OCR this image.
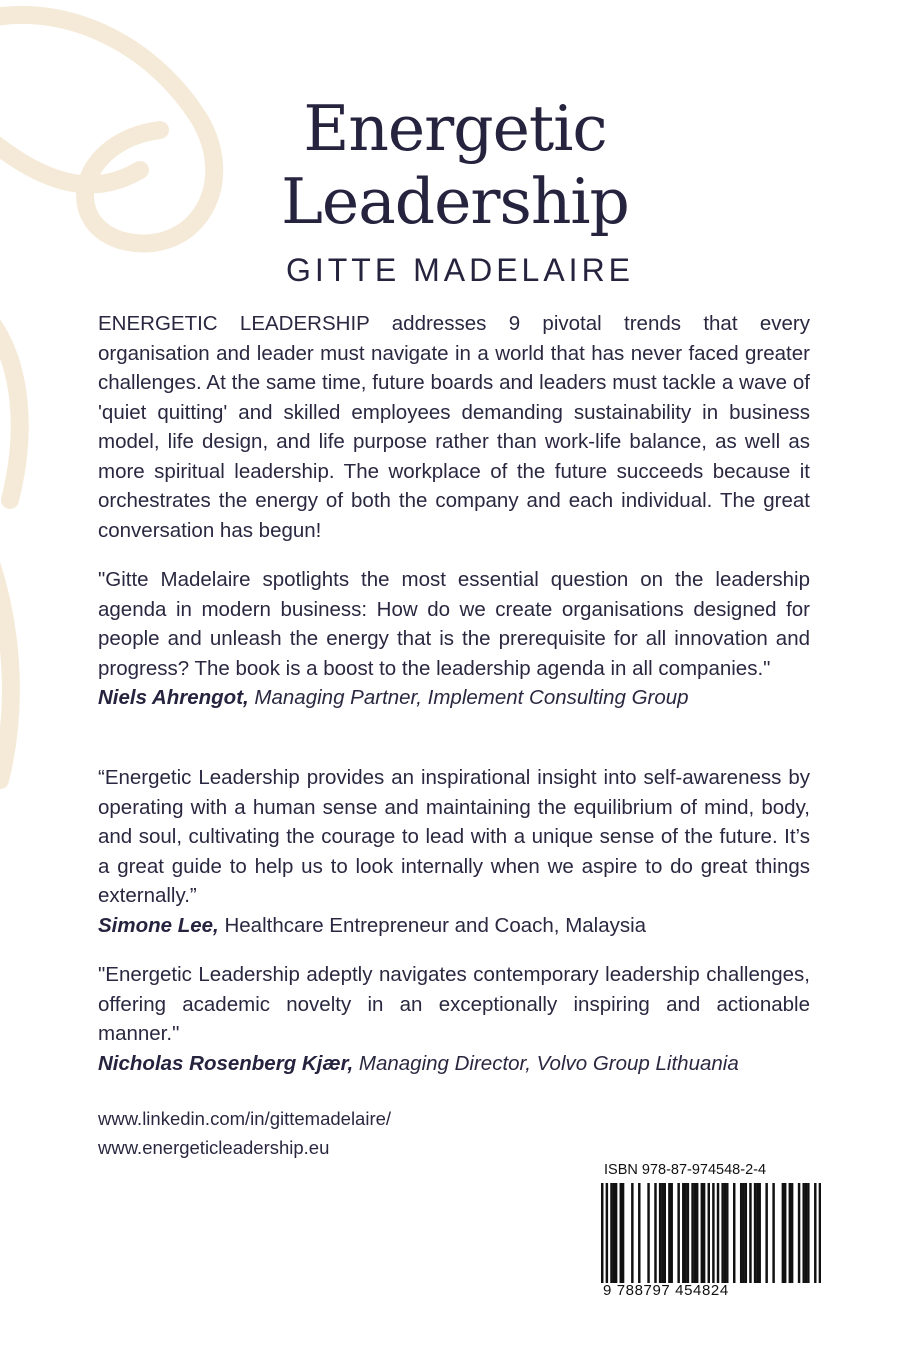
Energetic
Leadership
GITTE MADELAIRE
ENERGETIC LEADERSHIP addresses 9 pivotal trends that every organisation and leader must navigate in a world that has never faced greater challenges. At the same time, future boards and leaders must tackle a wave of 'quiet quitting' and skilled employees demanding sustainability in business model, life design, and life purpose rather than work-life balance, as well as more spiritual leadership. The workplace of the future succeeds because it orchestrates the energy of both the company and each individual. The great conversation has begun!
"Gitte Madelaire spotlights the most essential question on the leadership agenda in modern business: How do we create organisations designed for people and unleash the energy that is the prerequisite for all innovation and progress? The book is a boost to the leadership agenda in all companies."
Niels Ahrengot, Managing Partner, Implement Consulting Group
“Energetic Leadership provides an inspirational insight into self-awareness by operating with a human sense and maintaining the equilibrium of mind, body, and soul, cultivating the courage to lead with a unique sense of the future. It’s a great guide to help us to look internally when we aspire to do great things externally.”
Simone Lee, Healthcare Entrepreneur and Coach, Malaysia
"Energetic Leadership adeptly navigates contemporary leadership challenges, offering academic novelty in an exceptionally inspiring and actionable manner."
Nicholas Rosenberg Kjær, Managing Director, Volvo Group Lithuania
www.linkedin.com/in/gittemadelaire/
www.energeticleadership.eu
ISBN 978-87-974548-2-4
9 788797 454824
